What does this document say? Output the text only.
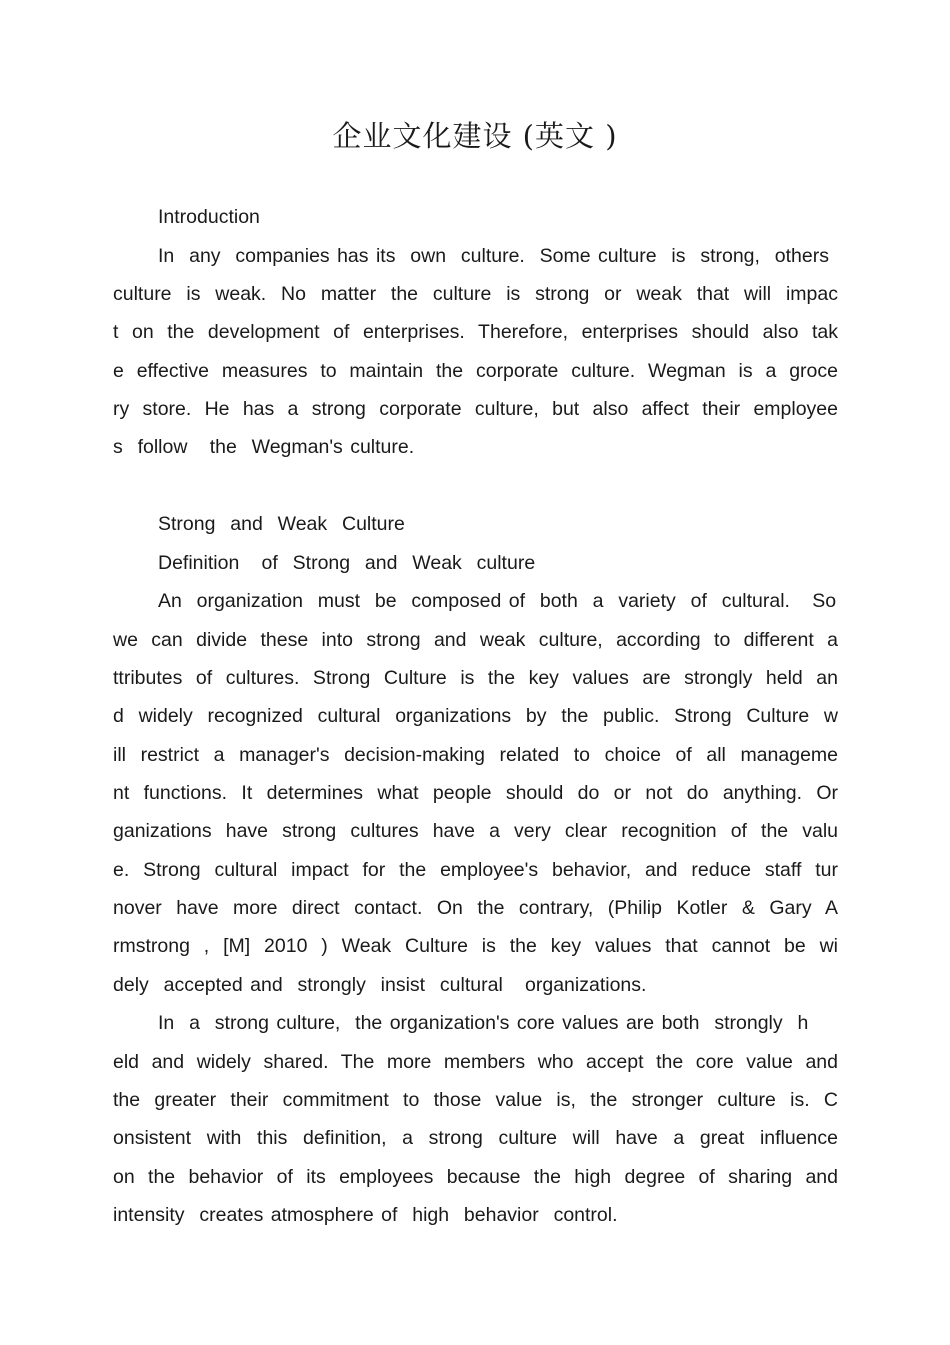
企业文化建设 (英文 )
Introduction
In  any  companies has its  own  culture.  Some culture  is  strong,  others
culture is weak. No matter the culture is strong or weak that will impac
t on the development of enterprises. Therefore, enterprises should also tak
e effective measures to maintain the corporate culture. Wegman is a groce
ry store. He has a strong corporate culture, but also affect their employee
s  follow   the  Wegman's culture.
Strong  and  Weak  Culture
Definition   of  Strong  and  Weak  culture
An  organization  must  be  composed of  both  a  variety  of  cultural.   So
we can divide these into strong and weak culture, according to different a
ttributes of cultures. Strong Culture is the key values are strongly held an
d widely recognized cultural organizations by the public. Strong Culture w
ill restrict a manager's decision-making related to choice of all manageme
nt functions. It determines what people should do or not do anything. Or
ganizations have strong cultures have a very clear recognition of the valu
e. Strong cultural impact for the employee's behavior, and reduce staff tur
nover have more direct contact. On the contrary, (Philip Kotler & Gary A
rmstrong , [M] 2010 ) Weak Culture is the key values that cannot be wi
dely  accepted and  strongly  insist  cultural   organizations.
In  a  strong culture,  the organization's core values are both  strongly  h
eld and widely shared. The more members who accept the core value and
the greater their commitment to those value is, the stronger culture is. C
onsistent with this definition, a strong culture will have a great influence
on the behavior of its employees because the high degree of sharing and
intensity  creates atmosphere of  high  behavior  control.
